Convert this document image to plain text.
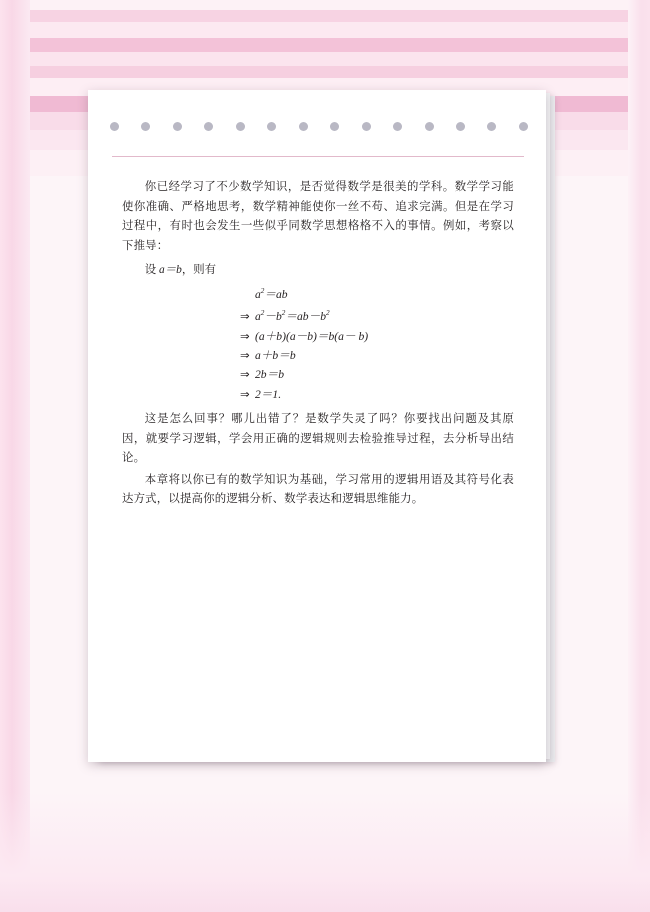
你已经学习了不少数学知识，是否觉得数学是很美的学科。数学学习能使你准确、严格地思考，数学精神能使你一丝不苟、追求完满。但是在学习过程中，有时也会发生一些似乎同数学思想格格不入的事情。例如，考察以下推导：

设 a＝b，则有
$a^2=ab$
⇒ $a^2-b^2=ab-b^2$
⇒ (a＋b)(a－b)＝b(a－ b)
⇒ a＋b＝b
⇒ 2b＝b
⇒ 2＝1.

这是怎么回事？哪儿出错了？是数学失灵了吗？你要找出问题及其原因，就要学习逻辑，学会用正确的逻辑规则去检验推导过程，去分析导出结论。

本章将以你已有的数学知识为基础，学习常用的逻辑用语及其符号化表达方式，以提高你的逻辑分析、数学表达和逻辑思维能力。
